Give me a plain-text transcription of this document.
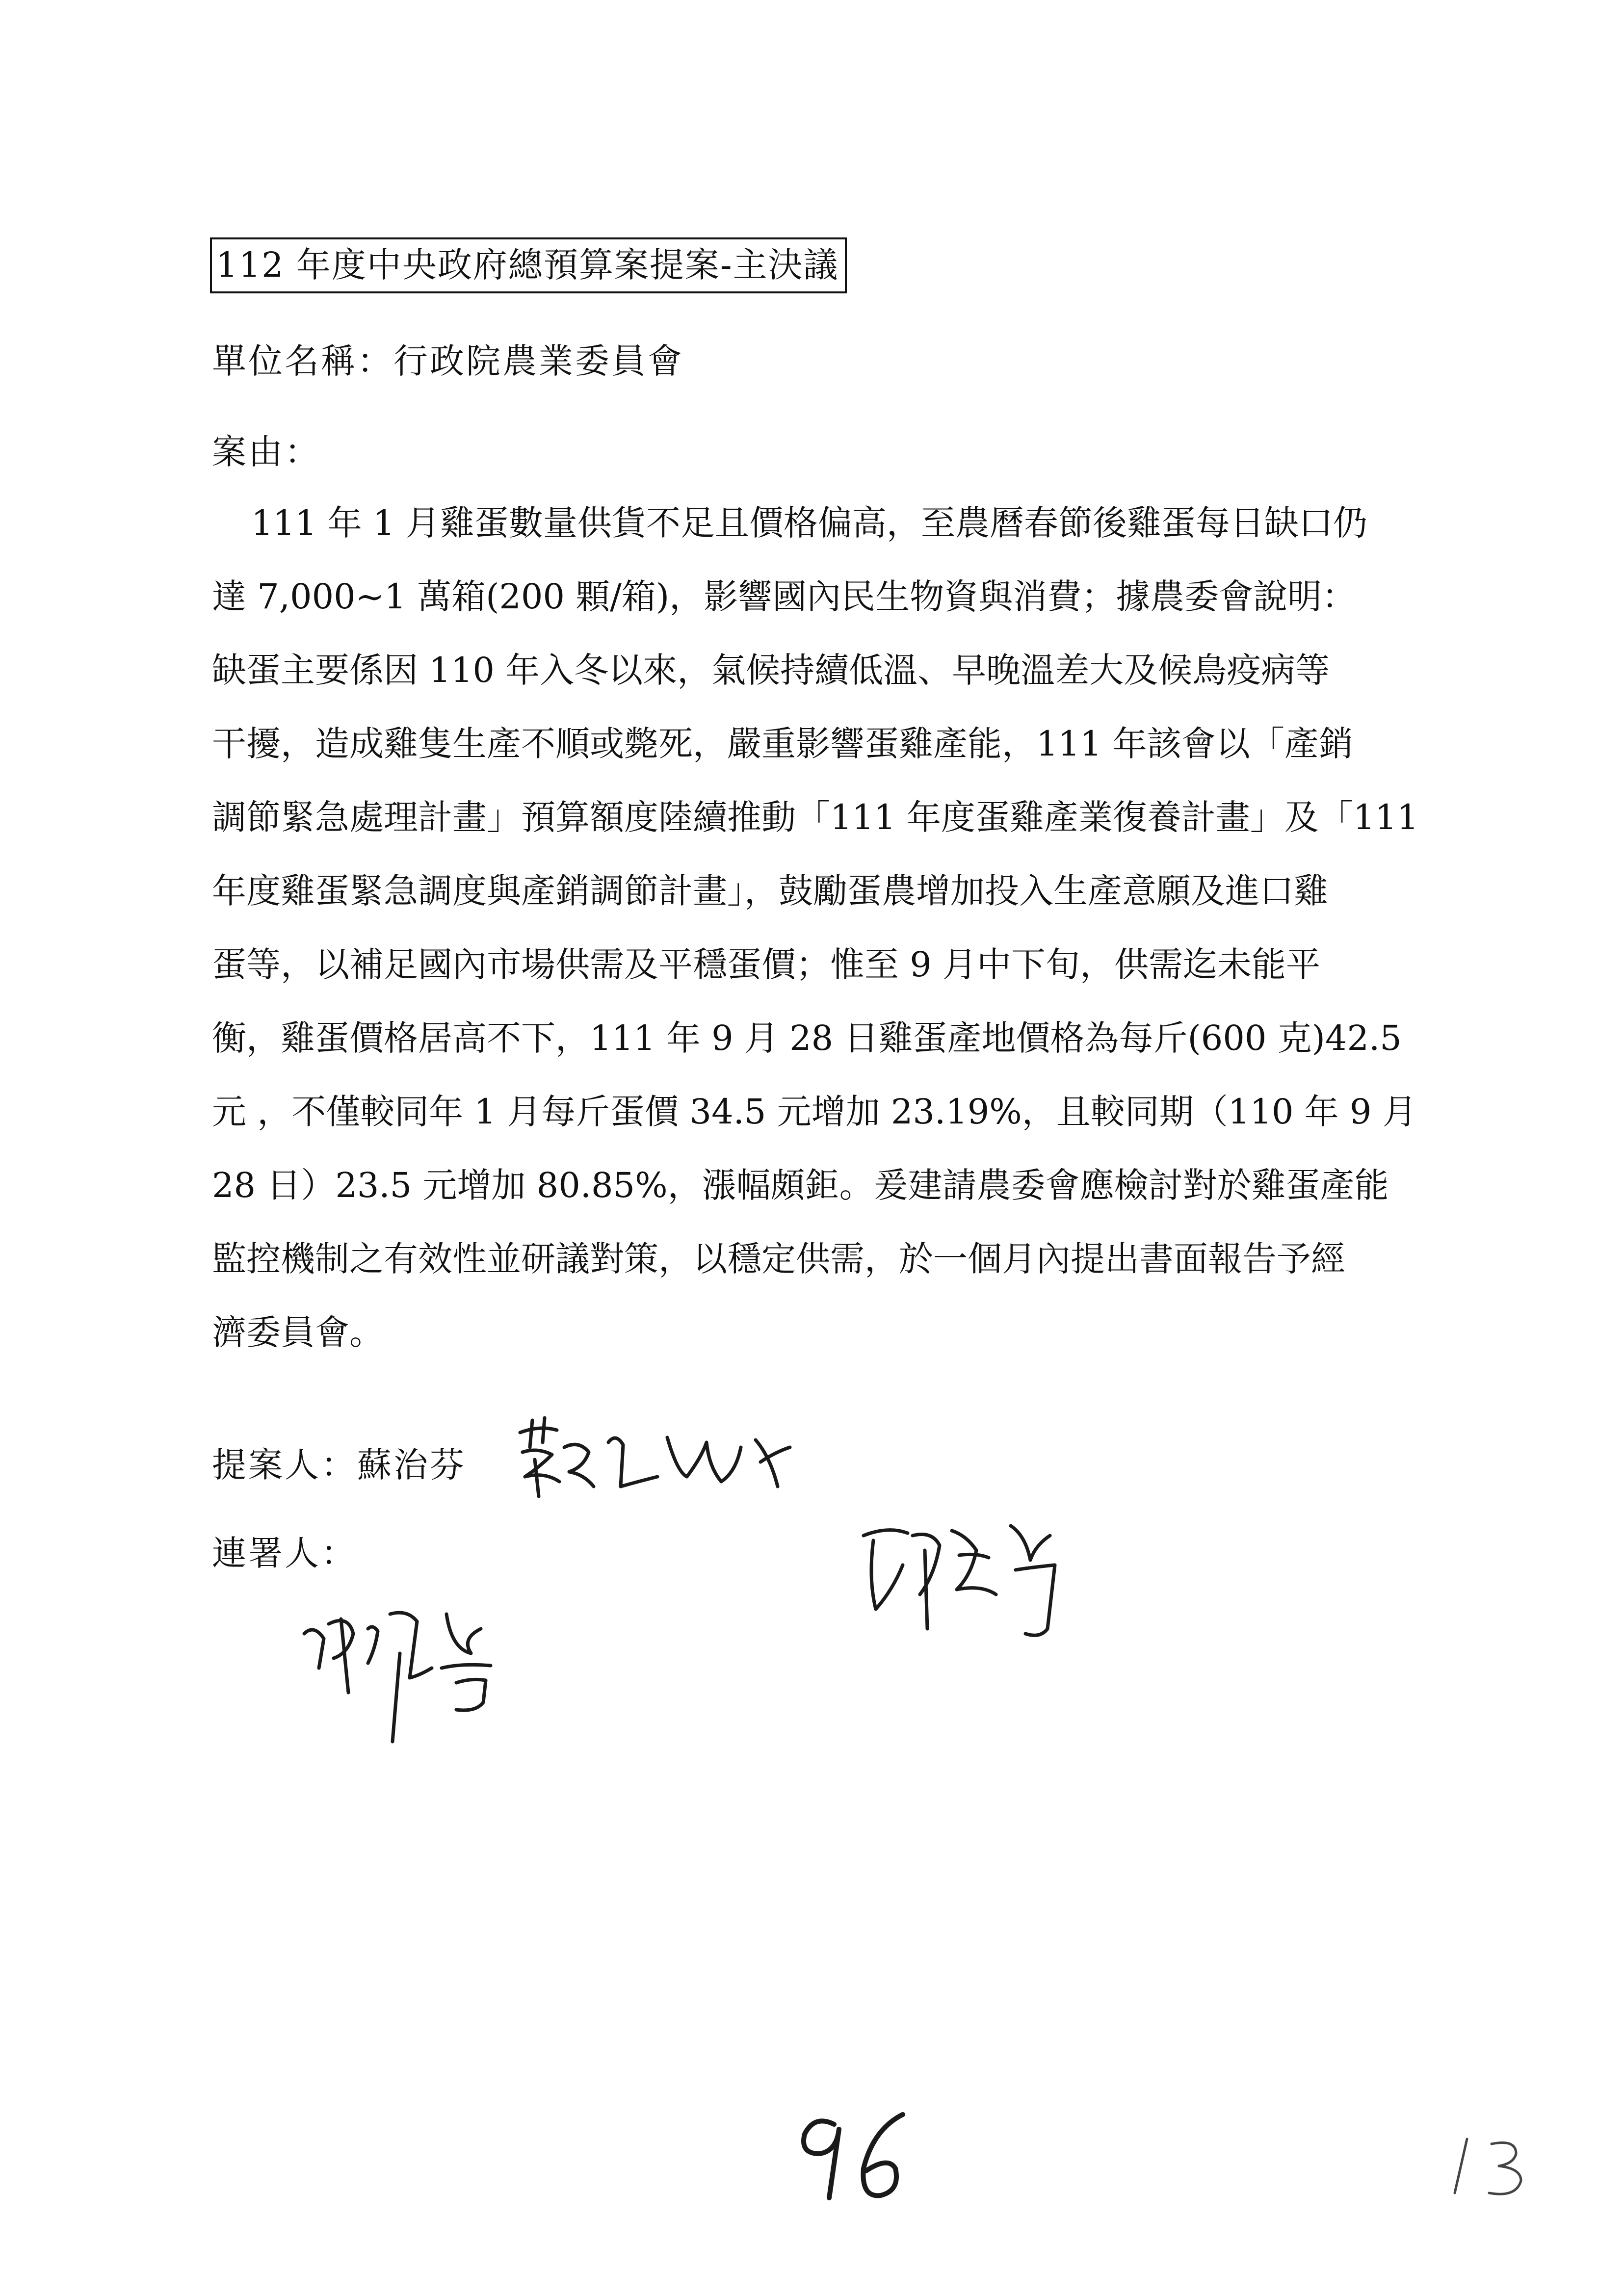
112 年度中央政府總預算案提案-主決議
單位名稱：行政院農業委員會
案由：
111 年 1 月雞蛋數量供貨不足且價格偏高，至農曆春節後雞蛋每日缺口仍
達 7,000~1 萬箱(200 顆/箱)，影響國內民生物資與消費；據農委會說明：
缺蛋主要係因 110 年入冬以來，氣候持續低溫、早晚溫差大及候鳥疫病等
干擾，造成雞隻生產不順或斃死，嚴重影響蛋雞產能，111 年該會以「產銷
調節緊急處理計畫」預算額度陸續推動「111 年度蛋雞產業復養計畫」及「111
年度雞蛋緊急調度與產銷調節計畫」，鼓勵蛋農增加投入生產意願及進口雞
蛋等，以補足國內市場供需及平穩蛋價；惟至 9 月中下旬，供需迄未能平
衡，雞蛋價格居高不下，111 年 9 月 28 日雞蛋產地價格為每斤(600 克)42.5
元 ，不僅較同年 1 月每斤蛋價 34.5 元增加 23.19%，且較同期（110 年 9 月
28 日）23.5 元增加 80.85%，漲幅頗鉅。爰建請農委會應檢討對於雞蛋產能
監控機制之有效性並研議對策，以穩定供需，於一個月內提出書面報告予經
濟委員會。
提案人：蘇治芬
連署人：
